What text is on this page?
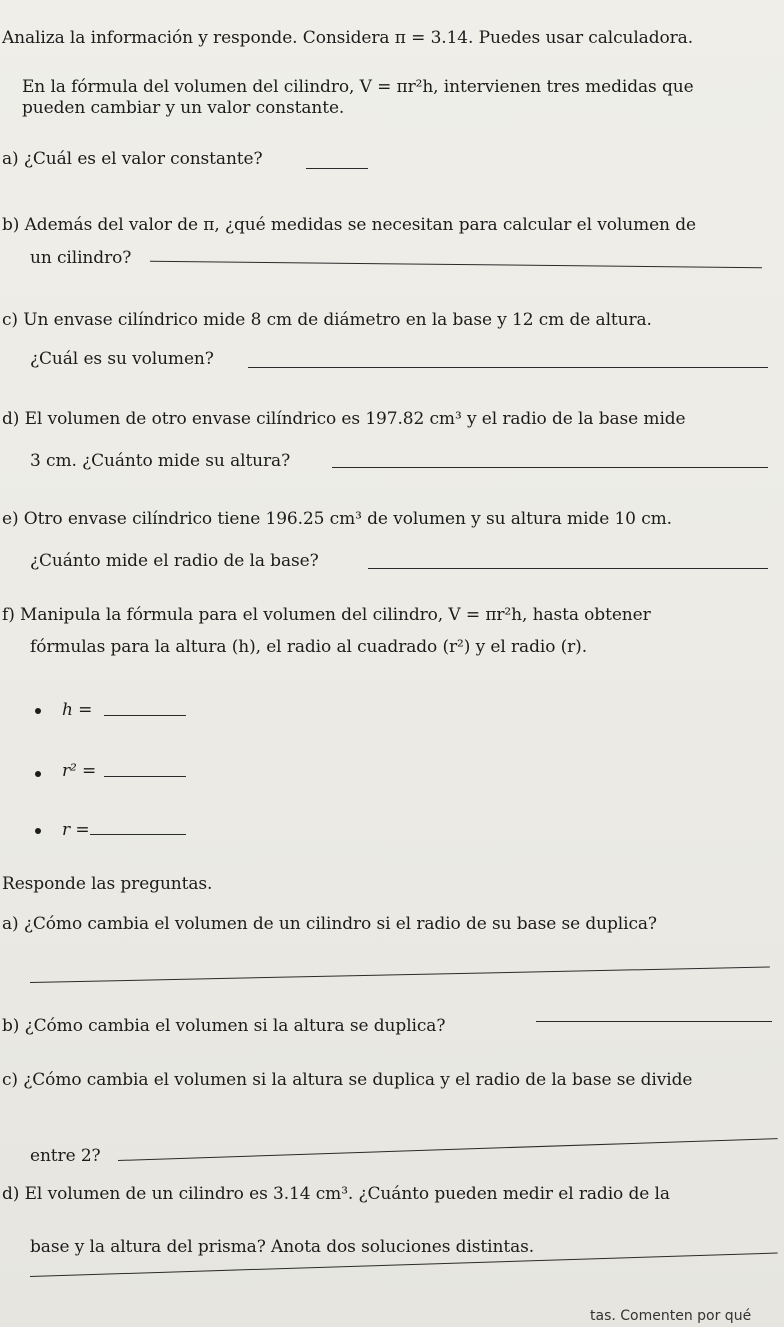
Analiza la información y responde. Considera π = 3.14. Puedes usar calculadora.
En la fórmula del volumen del cilindro, V = πr²h, intervienen tres medidas que
pueden cambiar y un valor constante.
a) ¿Cuál es el valor constante?
b) Además del valor de π, ¿qué medidas se necesitan para calcular el volumen de
un cilindro?
c) Un envase cilíndrico mide 8 cm de diámetro en la base y 12 cm de altura.
¿Cuál es su volumen?
d) El volumen de otro envase cilíndrico es 197.82 cm³ y el radio de la base mide
3 cm. ¿Cuánto mide su altura?
e) Otro envase cilíndrico tiene 196.25 cm³ de volumen y su altura mide 10 cm.
¿Cuánto mide el radio de la base?
f) Manipula la fórmula para el volumen del cilindro, V = πr²h, hasta obtener
fórmulas para la altura (h), el radio al cuadrado (r²) y el radio (r).
h =
r² =
r =
Responde las preguntas.
a) ¿Cómo cambia el volumen de un cilindro si el radio de su base se duplica?
b) ¿Cómo cambia el volumen si la altura se duplica?
c) ¿Cómo cambia el volumen si la altura se duplica y el radio de la base se divide
entre 2?
d) El volumen de un cilindro es 3.14 cm³. ¿Cuánto pueden medir el radio de la
base y la altura del prisma? Anota dos soluciones distintas.
tas. Comenten por qué
